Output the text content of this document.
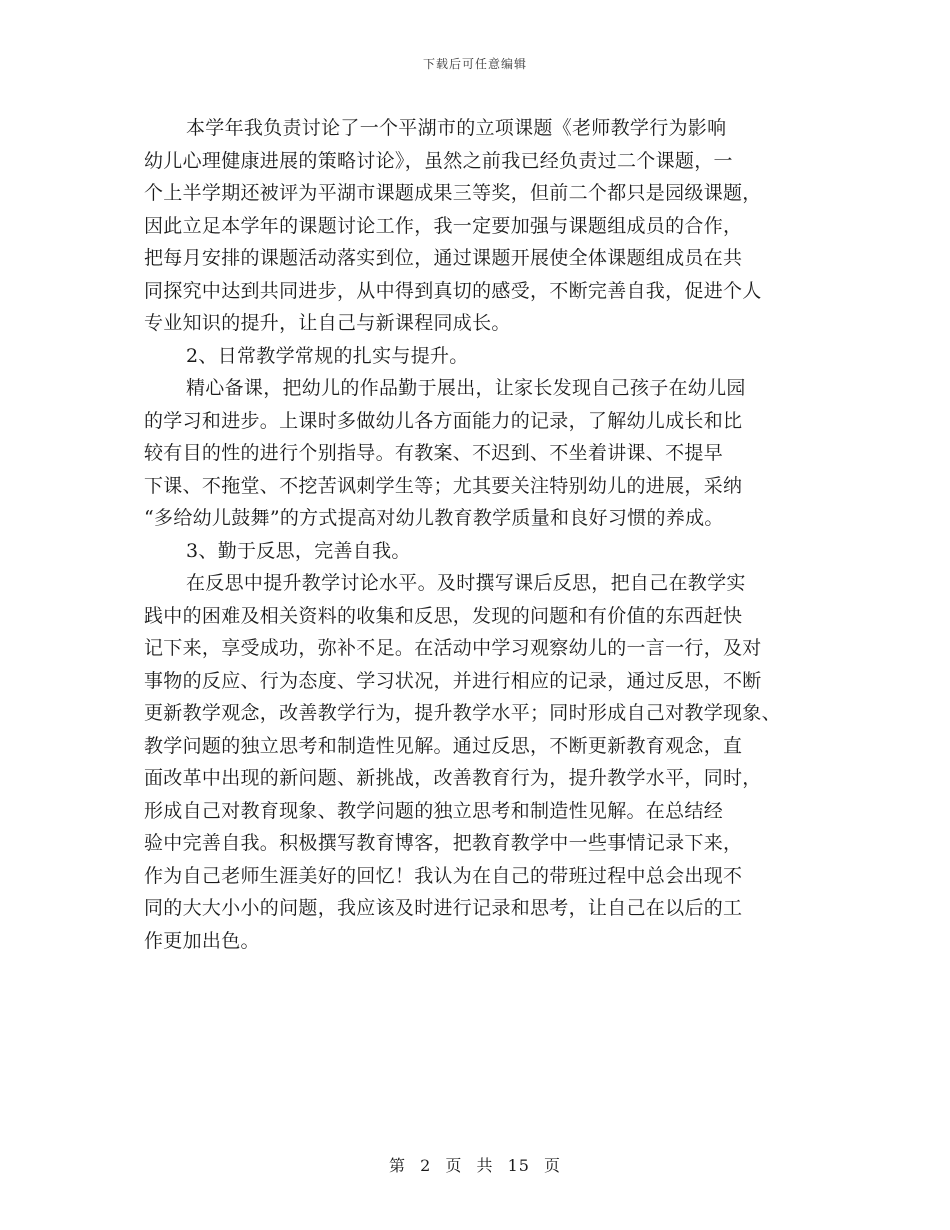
下载后可任意编辑
本学年我负责讨论了一个平湖市的立项课题《老师教学行为影响
幼儿心理健康进展的策略讨论》，虽然之前我已经负责过二个课题，一
个上半学期还被评为平湖市课题成果三等奖，但前二个都只是园级课题，
因此立足本学年的课题讨论工作，我一定要加强与课题组成员的合作，
把每月安排的课题活动落实到位，通过课题开展使全体课题组成员在共
同探究中达到共同进步，从中得到真切的感受，不断完善自我，促进个人
专业知识的提升，让自己与新课程同成长。
2、日常教学常规的扎实与提升。
精心备课，把幼儿的作品勤于展出，让家长发现自己孩子在幼儿园
的学习和进步。上课时多做幼儿各方面能力的记录，了解幼儿成长和比
较有目的性的进行个别指导。有教案、不迟到、不坐着讲课、不提早
下课、不拖堂、不挖苦讽刺学生等；尤其要关注特别幼儿的进展，采纳
“多给幼儿鼓舞”的方式提高对幼儿教育教学质量和良好习惯的养成。
3、勤于反思，完善自我。
在反思中提升教学讨论水平。及时撰写课后反思，把自己在教学实
践中的困难及相关资料的收集和反思，发现的问题和有价值的东西赶快
记下来，享受成功，弥补不足。在活动中学习观察幼儿的一言一行，及对
事物的反应、行为态度、学习状况，并进行相应的记录，通过反思，不断
更新教学观念，改善教学行为，提升教学水平；同时形成自己对教学现象、
教学问题的独立思考和制造性见解。通过反思，不断更新教育观念，直
面改革中出现的新问题、新挑战，改善教育行为，提升教学水平，同时，
形成自己对教育现象、教学问题的独立思考和制造性见解。在总结经
验中完善自我。积极撰写教育博客，把教育教学中一些事情记录下来，
作为自己老师生涯美好的回忆！我认为在自己的带班过程中总会出现不
同的大大小小的问题，我应该及时进行记录和思考，让自己在以后的工
作更加出色。
第 2 页 共 15 页
